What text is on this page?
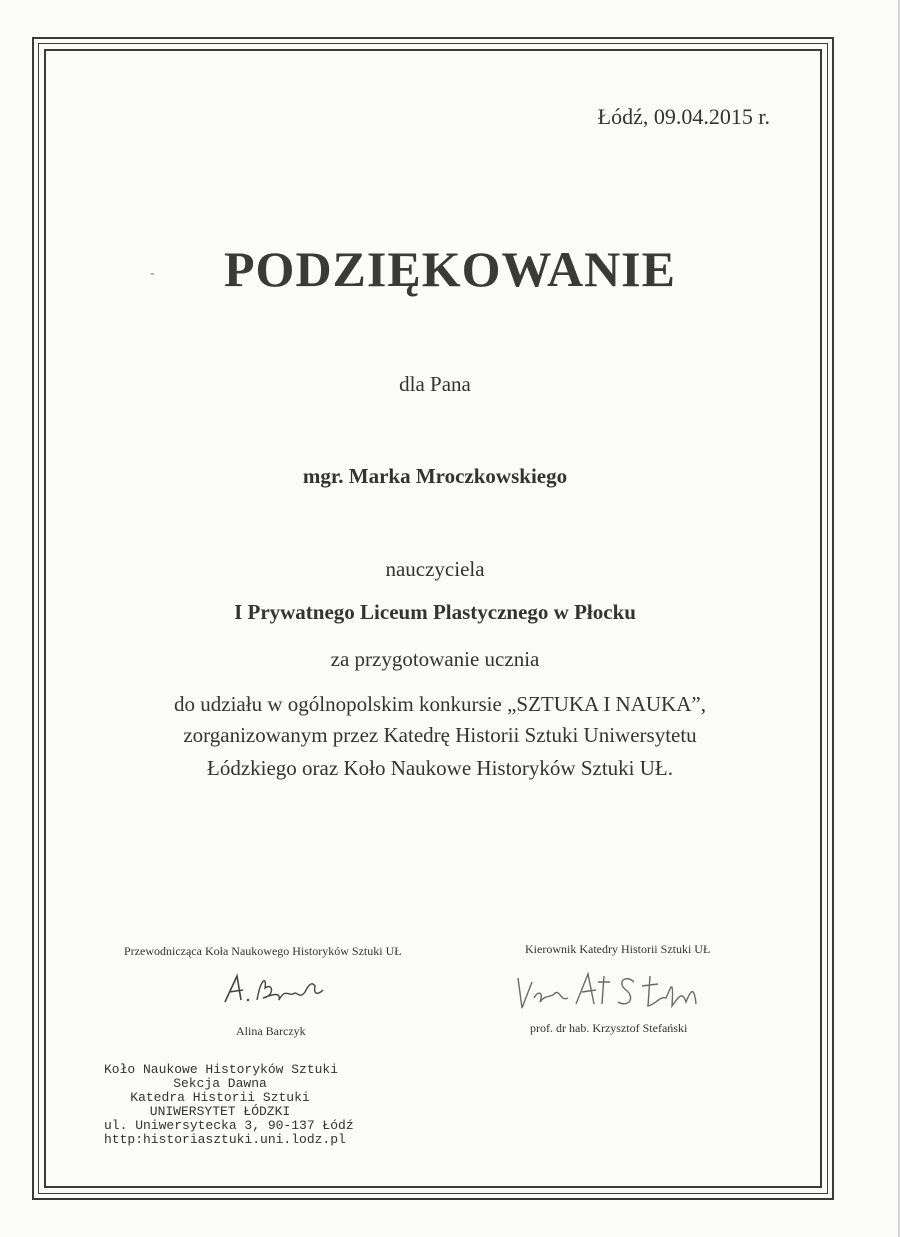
Łódź, 09.04.2015 r.
-	PODZIĘKOWANIE
dla Pana
mgr. Marka Mroczkowskiego
nauczyciela
I Prywatnego Liceum Plastycznego w Płocku
za przygotowanie ucznia
do udziału w ogólnopolskim konkursie „SZTUKA I NAUKA”,
zorganizowanym przez Katedrę Historii Sztuki Uniwersytetu
Łódzkiego oraz Koło Naukowe Historyków Sztuki UŁ.
Przewodnicząca Koła Naukowego Historyków Sztuki UŁ
Alina Barczyk
Kierownik Katedry Historii Sztuki UŁ
prof. dr hab. Krzysztof Stefański
Koło Naukowe Historyków Sztuki
Sekcja Dawna
Katedra Historii Sztuki
UNIWERSYTET ŁÓDZKI
ul. Uniwersytecka 3, 90-137 Łódź
http:historiasztuki.uni.lodz.pl
